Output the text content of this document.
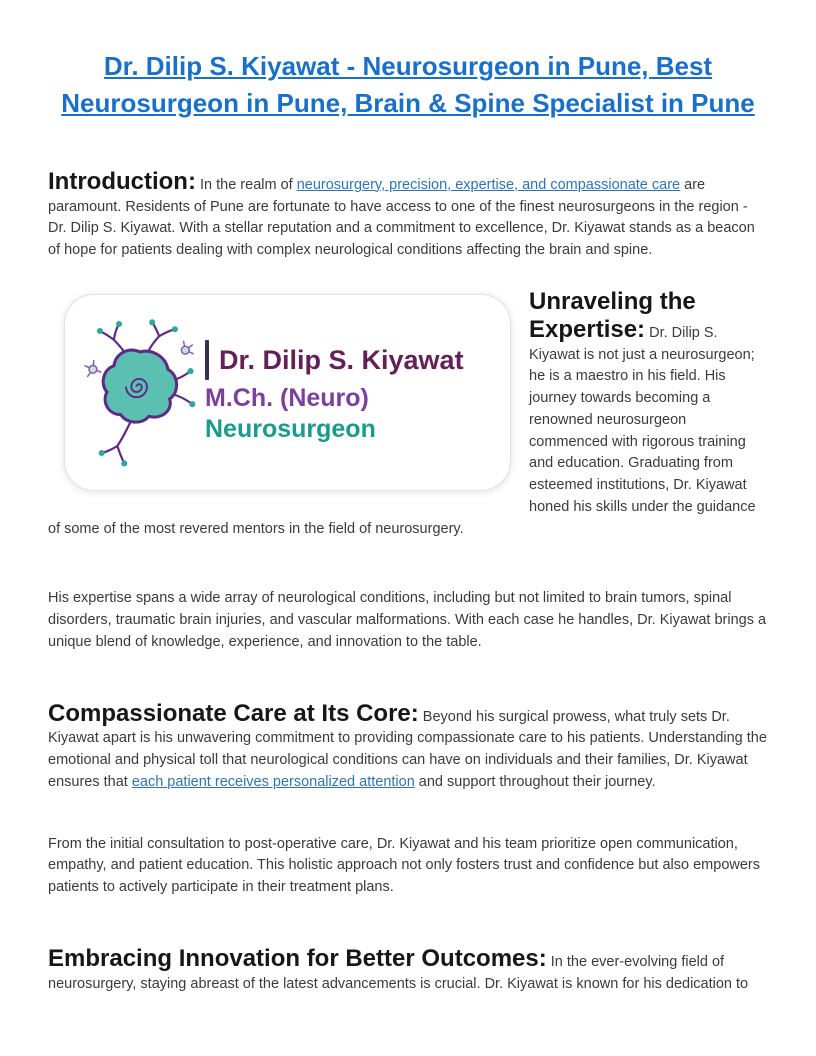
Dr. Dilip S. Kiyawat - Neurosurgeon in Pune, Best Neurosurgeon in Pune, Brain & Spine Specialist in Pune
Introduction: In the realm of neurosurgery, precision, expertise, and compassionate care are paramount. Residents of Pune are fortunate to have access to one of the finest neurosurgeons in the region - Dr. Dilip S. Kiyawat. With a stellar reputation and a commitment to excellence, Dr. Kiyawat stands as a beacon of hope for patients dealing with complex neurological conditions affecting the brain and spine.
Dr. Dilip S. Kiyawat
M.Ch. (Neuro)
Neurosurgeon
Unraveling the Expertise: Dr. Dilip S. Kiyawat is not just a neurosurgeon; he is a maestro in his field. His journey towards becoming a renowned neurosurgeon commenced with rigorous training and education. Graduating from esteemed institutions, Dr. Kiyawat honed his skills under the guidance of some of the most revered mentors in the field of neurosurgery.

His expertise spans a wide array of neurological conditions, including but not limited to brain tumors, spinal disorders, traumatic brain injuries, and vascular malformations. With each case he handles, Dr. Kiyawat brings a unique blend of knowledge, experience, and innovation to the table.

Compassionate Care at Its Core: Beyond his surgical prowess, what truly sets Dr. Kiyawat apart is his unwavering commitment to providing compassionate care to his patients. Understanding the emotional and physical toll that neurological conditions can have on individuals and their families, Dr. Kiyawat ensures that each patient receives personalized attention and support throughout their journey.

From the initial consultation to post-operative care, Dr. Kiyawat and his team prioritize open communication, empathy, and patient education. This holistic approach not only fosters trust and confidence but also empowers patients to actively participate in their treatment plans.

Embracing Innovation for Better Outcomes: In the ever-evolving field of neurosurgery, staying abreast of the latest advancements is crucial. Dr. Kiyawat is known for his dedication to
